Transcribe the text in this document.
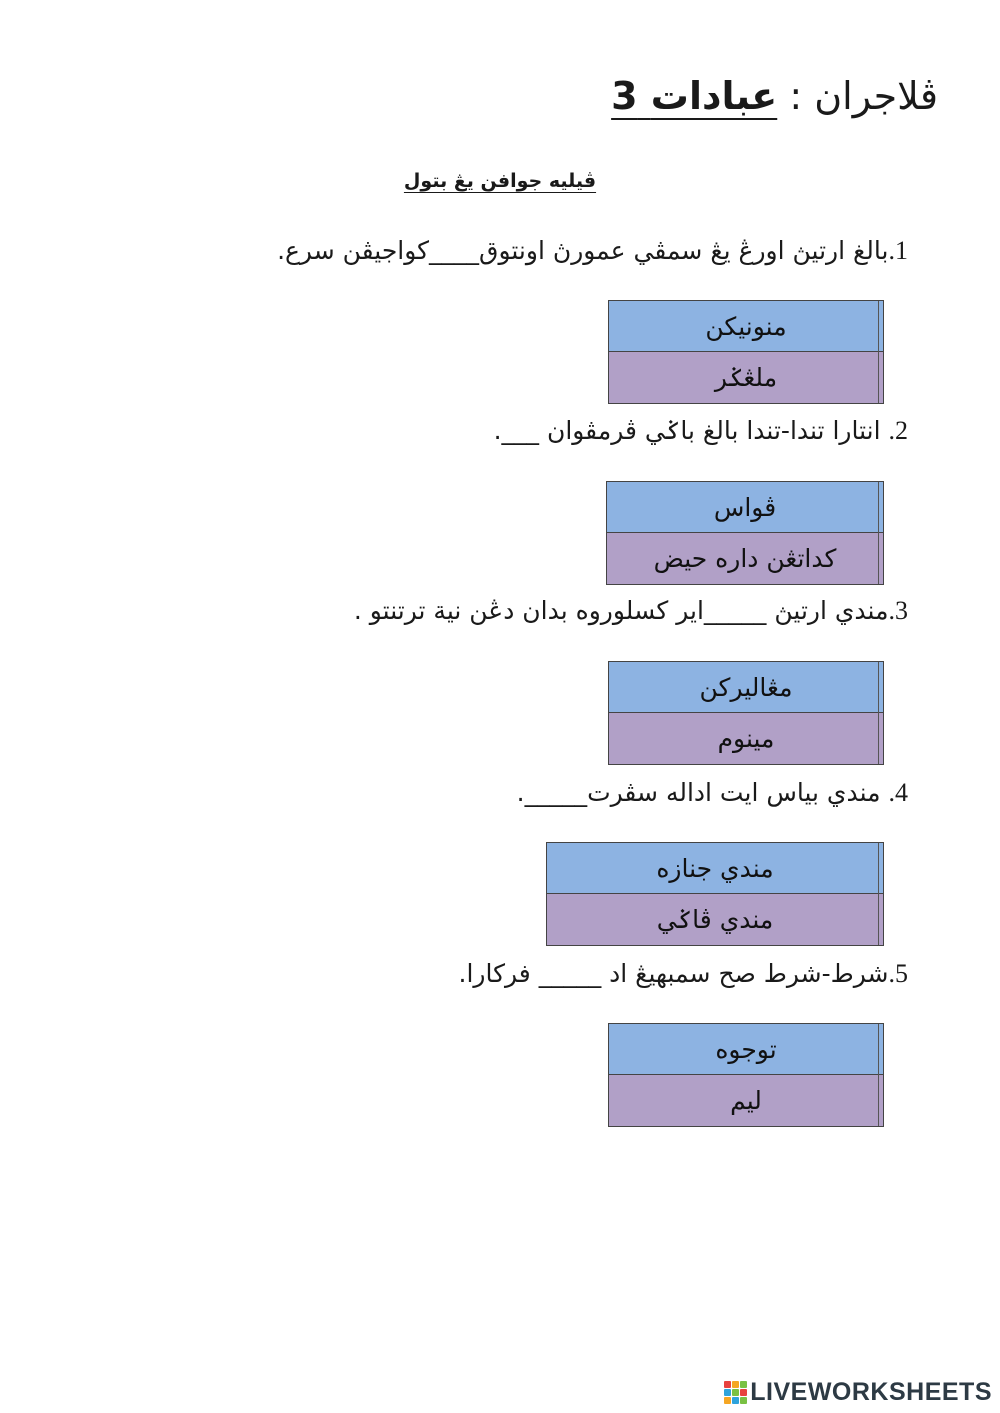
ڤلاجران : عبادات 3
ڤيليه جوافن يڠ بتول
1.بالغ ارتيڽ اورڠ يڠ سمڤي عمورڽ اونتوق____كواجيڤن سرع.
منونيكن
ملڠݢر
2. انتارا تندا-تندا بالغ باݢي ڤرمڤوان ___.
ڤواس
كداتڠن داره حيض
3.مندي ارتيڽ _____اير كسلوروه بدان دڠن نية ترتنتو .
مڠاليركن
مينوم
4. مندي بياس ايت اداله سڤرت_____.
مندي جنازه
مندي ڤاݢي
5.شرط-شرط صح سمبهيڠ اد _____ فركارا.
توجوه
ليم
LIVEWORKSHEETS
